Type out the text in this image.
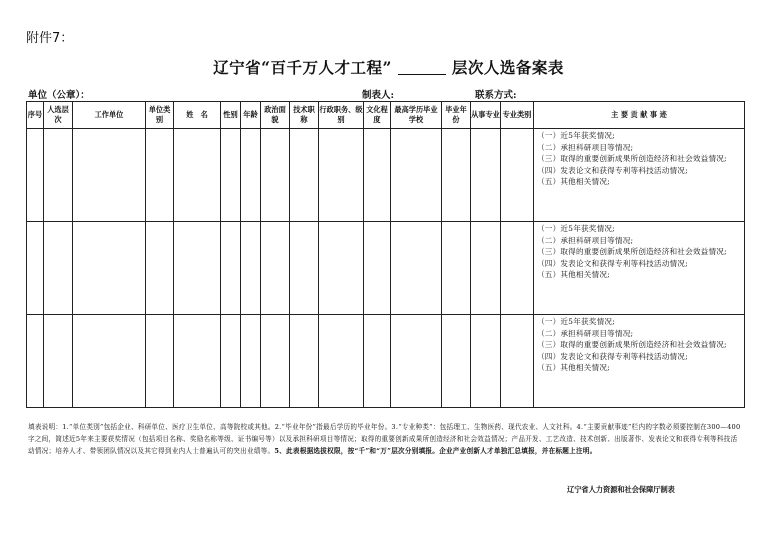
附件7：
辽宁省“百千万人才工程”	层次人选备案表
单位（公章）：	制表人:	联系方式:
序号	人选层次	工作单位	单位类别	姓　名	性别	年龄	政治面貌	技术职称	行政职务、级别	文化程度	最高学历毕业学校	毕业年份	从事专业	专业类别	主 要 贡 献 事 迹

															（一）近5年获奖情况;
（二）承担科研项目等情况;
（三）取得的重要创新成果所创造经济和社会效益情况;
（四）发表论文和获得专利等科技活动情况;
（五）其他相关情况;

															（一）近5年获奖情况;
（二）承担科研项目等情况;
（三）取得的重要创新成果所创造经济和社会效益情况;
（四）发表论文和获得专利等科技活动情况;
（五）其他相关情况;

															（一）近5年获奖情况;
（二）承担科研项目等情况;
（三）取得的重要创新成果所创造经济和社会效益情况;
（四）发表论文和获得专利等科技活动情况;
（五）其他相关情况;
填表说明：1.“单位类别”包括企业、科研单位、医疗卫生单位、高等院校或其他。2.“毕业年份”指最后学历的毕业年份。3.“专业种类”：包括理工、生物医药、现代农业、人文社科。4.“主要贡献事迹”栏内的字数必须要控制在300—400字之间，简述近5年来主要获奖情况（包括项目名称、奖励名称等级、证书编号等）以及承担科研项目等情况；取得的重要创新成果所创造经济和社会效益情况；产品开发、工艺改造、技术创新、出版著作、发表论文和获得专利等科技活动情况；培养人才、带领团队情况以及其它得到业内人士普遍认可的突出业绩等。5、此表根据选拔权限，按“千”和“万”层次分别填报。企业产业创新人才单独汇总填报，并在标题上注明。
辽宁省人力资源和社会保障厅制表
